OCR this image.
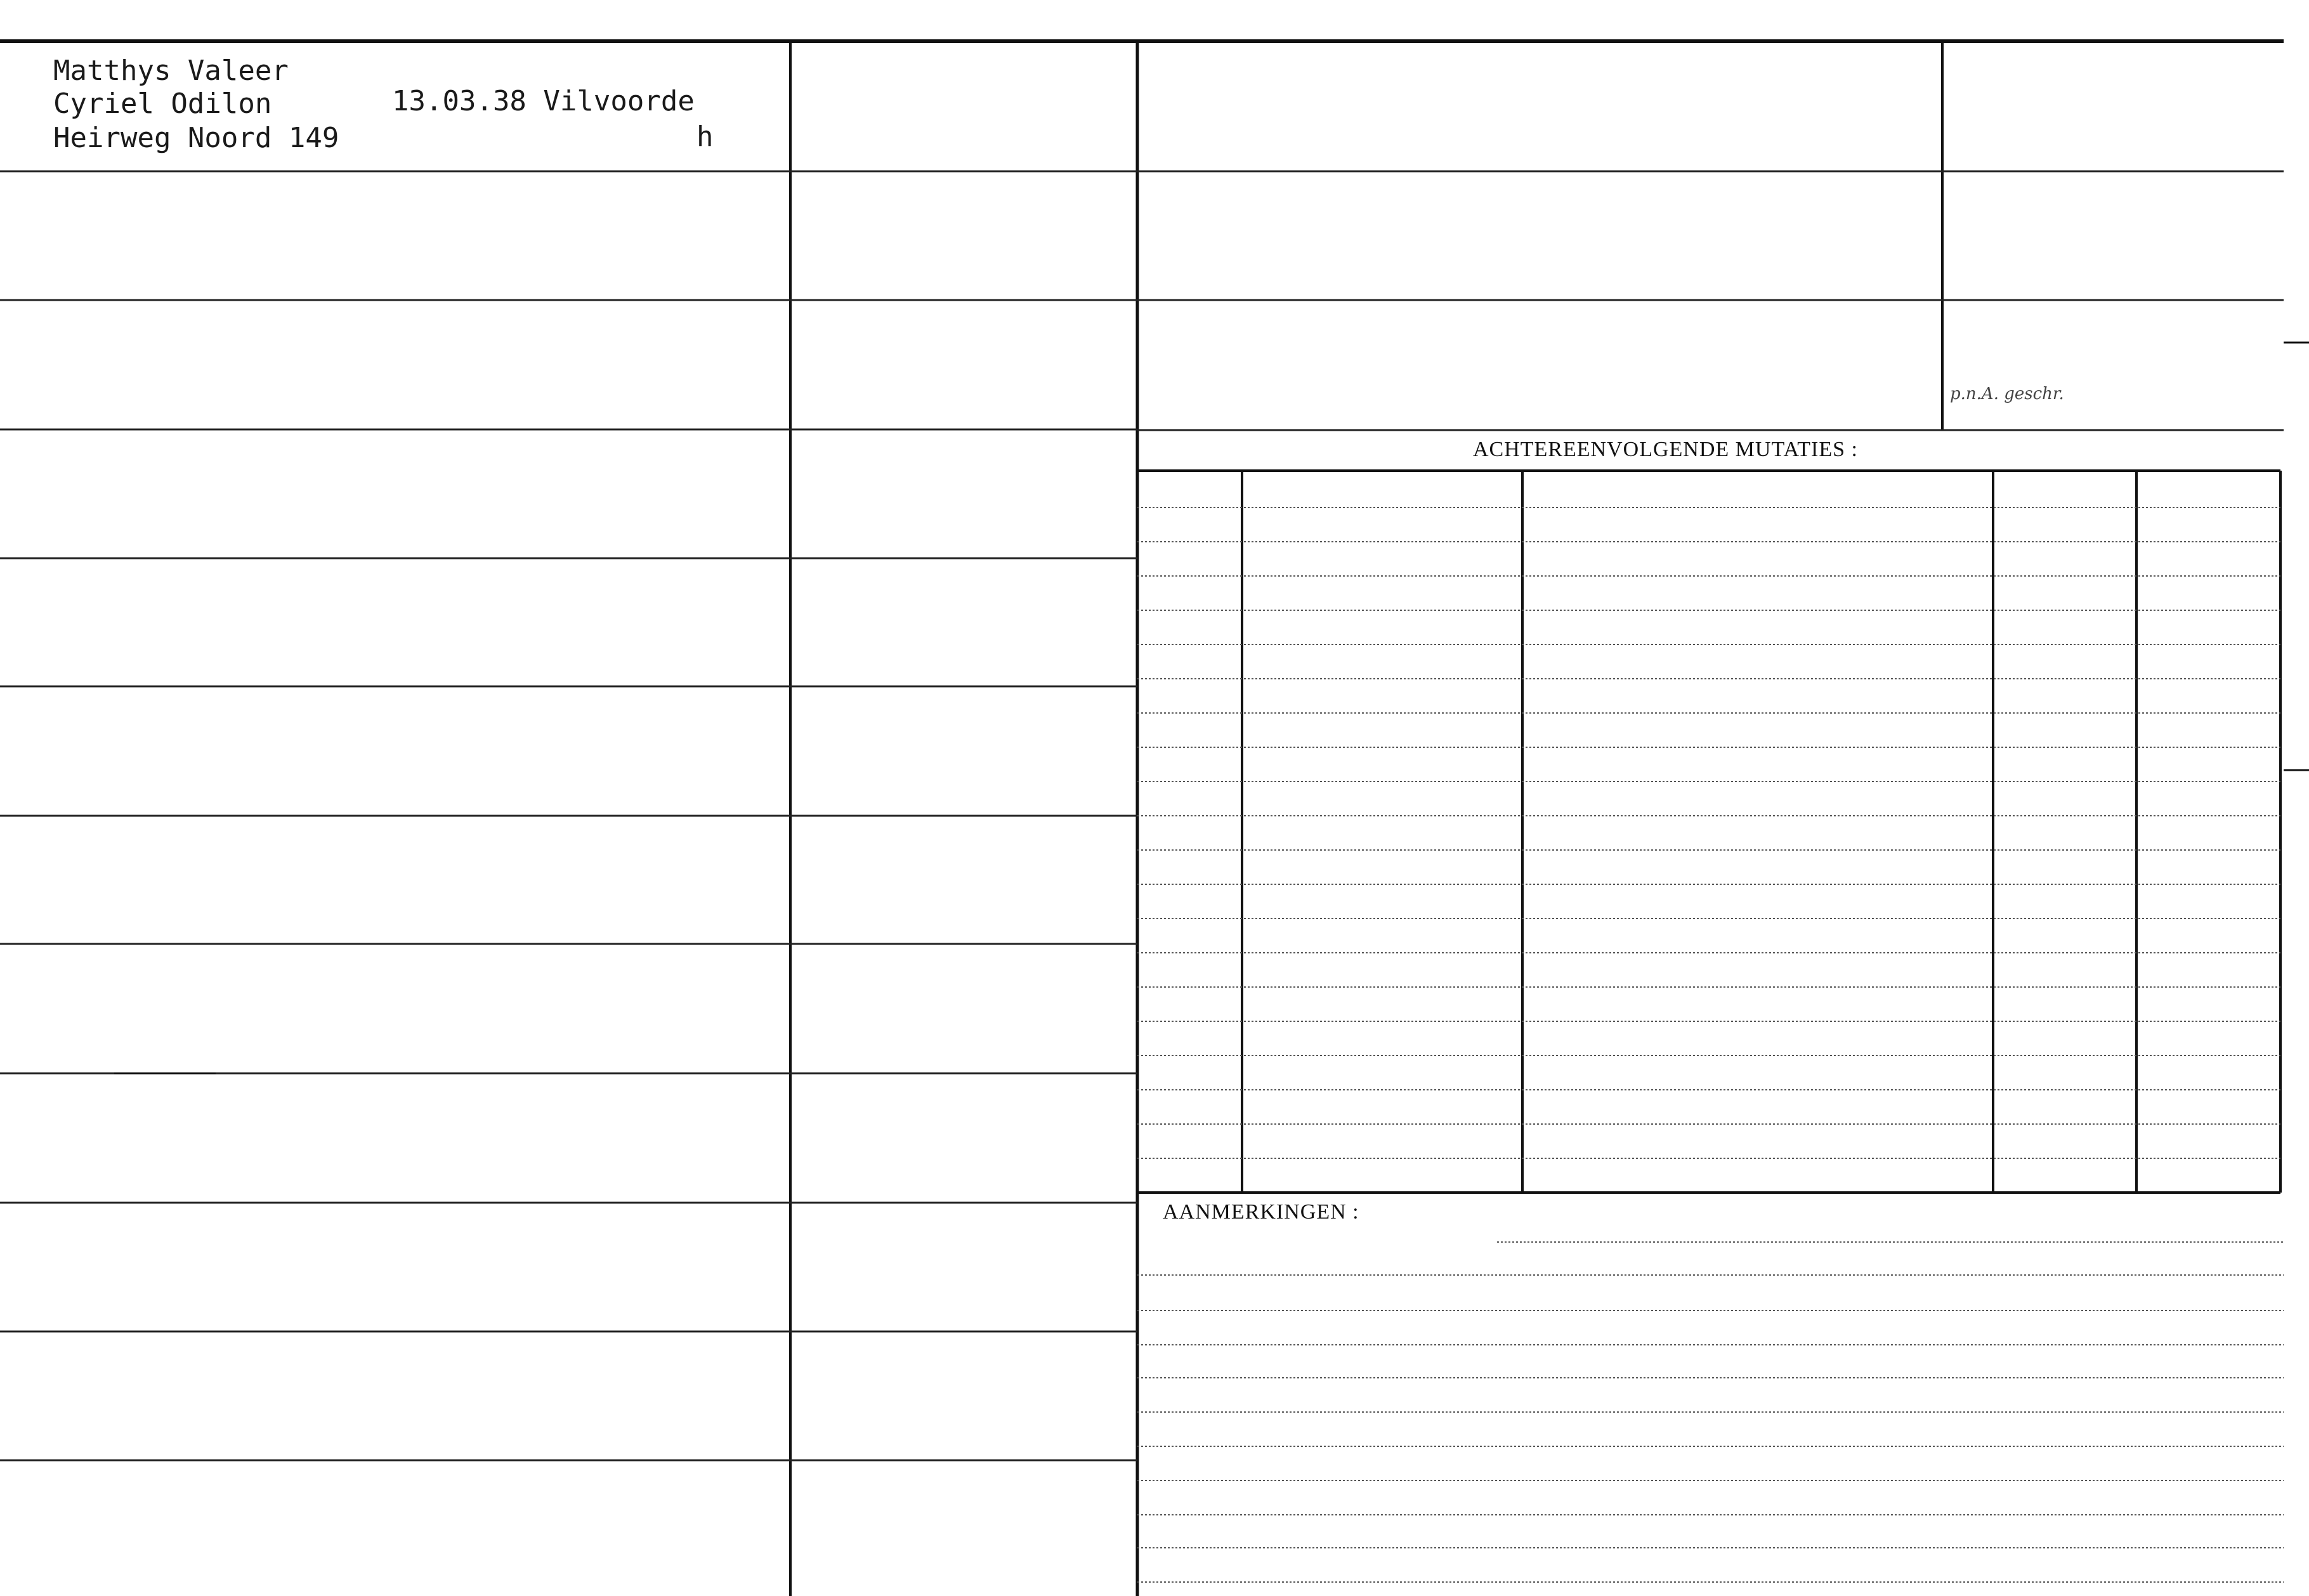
Matthys Valeer
Cyriel Odilon	13.03.38 Vilvoorde
Heirweg Noord 149	h
p.n.A. geschr.
ACHTEREENVOLGENDE MUTATIES :
AANMERKINGEN :
